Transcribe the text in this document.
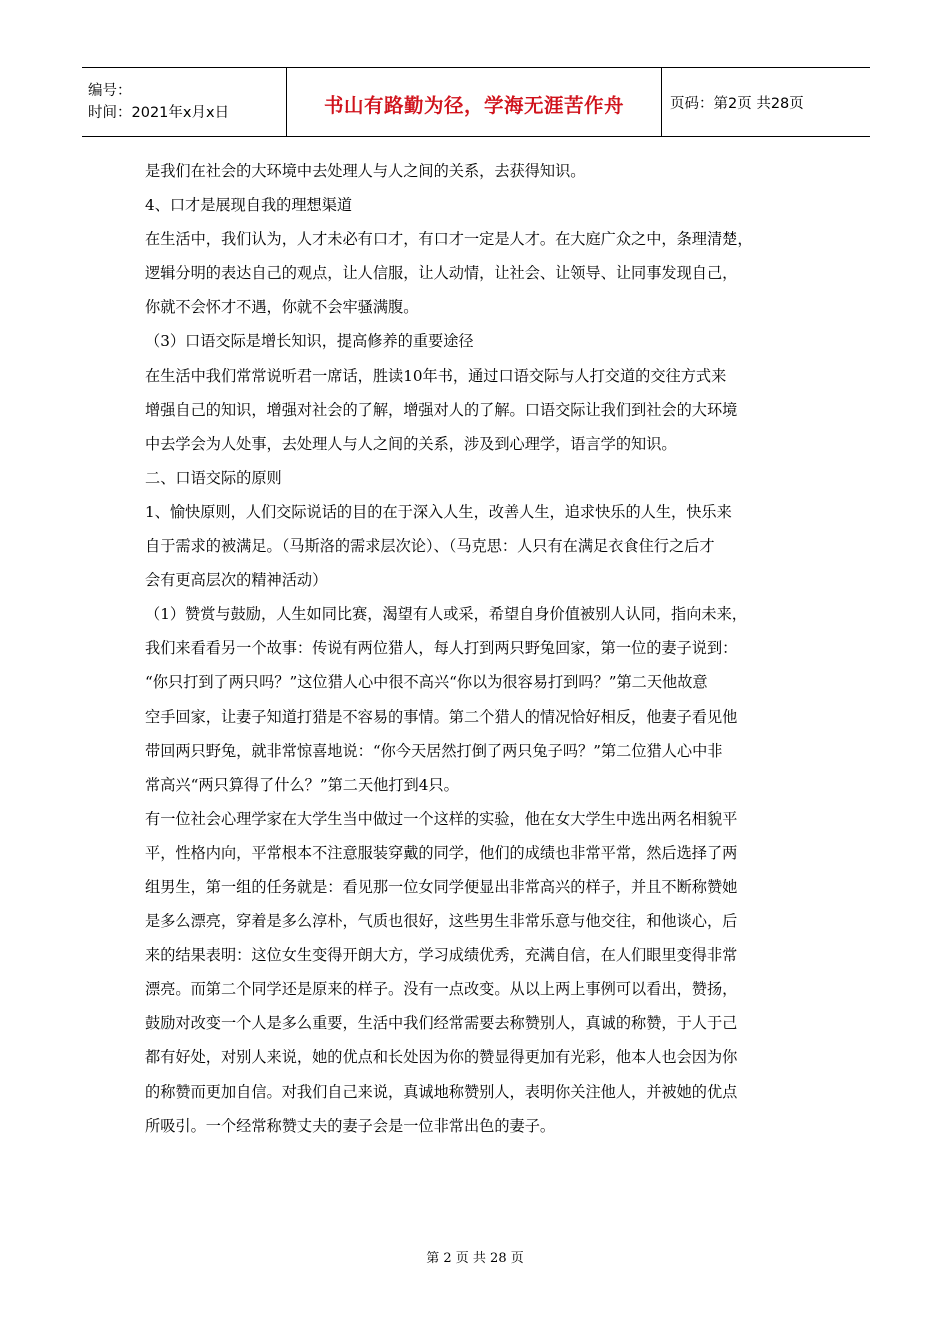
编号：
时间：2021年x月x日	书山有路勤为径，学海无涯苦作舟	页码：第2页 共28页

是我们在社会的大环境中去处理人与人之间的关系，去获得知识。

4、口才是展现自我的理想渠道

在生活中，我们认为，人才未必有口才，有口才一定是人才。在大庭广众之中，条理清楚，

逻辑分明的表达自己的观点，让人信服，让人动情，让社会、让领导、让同事发现自己，

你就不会怀才不遇，你就不会牢骚满腹。

（3）口语交际是增长知识，提高修养的重要途径

在生活中我们常常说听君一席话，胜读10年书，通过口语交际与人打交道的交往方式来

增强自己的知识，增强对社会的了解，增强对人的了解。口语交际让我们到社会的大环境

中去学会为人处事，去处理人与人之间的关系，涉及到心理学，语言学的知识。

二、口语交际的原则

1、愉快原则，人们交际说话的目的在于深入人生，改善人生，追求快乐的人生，快乐来

自于需求的被满足。（马斯洛的需求层次论）、（马克思：人只有在满足衣食住行之后才

会有更高层次的精神活动）

（1）赞赏与鼓励，人生如同比赛，渴望有人或采，希望自身价值被别人认同，指向未来，

我们来看看另一个故事：传说有两位猎人，每人打到两只野兔回家，第一位的妻子说到：

“你只打到了两只吗？”这位猎人心中很不高兴“你以为很容易打到吗？”第二天他故意

空手回家，让妻子知道打猎是不容易的事情。第二个猎人的情况恰好相反，他妻子看见他

带回两只野兔，就非常惊喜地说：“你今天居然打倒了两只兔子吗？”第二位猎人心中非

常高兴“两只算得了什么？”第二天他打到4只。

有一位社会心理学家在大学生当中做过一个这样的实验，他在女大学生中选出两名相貌平

平，性格内向，平常根本不注意服装穿戴的同学，他们的成绩也非常平常，然后选择了两

组男生，第一组的任务就是：看见那一位女同学便显出非常高兴的样子，并且不断称赞她

是多么漂亮，穿着是多么淳朴，气质也很好，这些男生非常乐意与他交往，和他谈心，后

来的结果表明：这位女生变得开朗大方，学习成绩优秀，充满自信，在人们眼里变得非常

漂亮。而第二个同学还是原来的样子。没有一点改变。从以上两上事例可以看出，赞扬，

鼓励对改变一个人是多么重要，生活中我们经常需要去称赞别人，真诚的称赞，于人于己

都有好处，对别人来说，她的优点和长处因为你的赞显得更加有光彩，他本人也会因为你

的称赞而更加自信。对我们自己来说，真诚地称赞别人，表明你关注他人，并被她的优点

所吸引。一个经常称赞丈夫的妻子会是一位非常出色的妻子。

第 2 页 共 28 页
